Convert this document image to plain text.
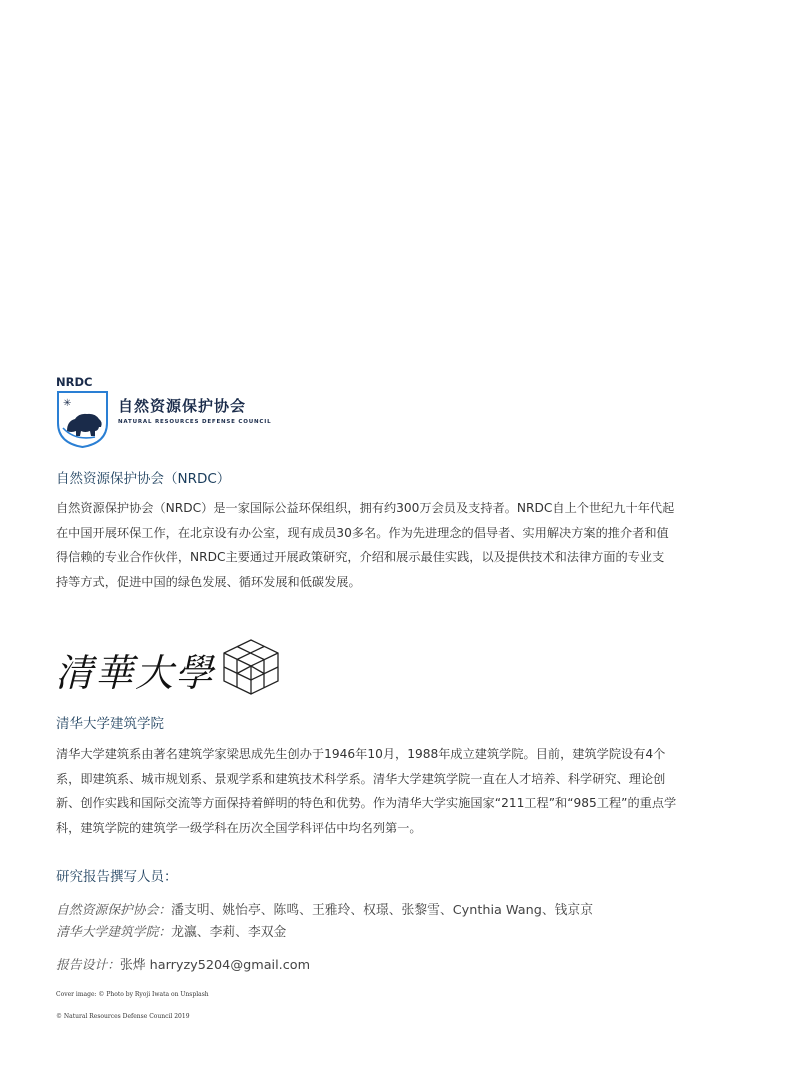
NRDC
✳	自然资源保护协会
NATURAL RESOURCES DEFENSE COUNCIL
自然资源保护协会（NRDC）
自然资源保护协会（NRDC）是一家国际公益环保组织，拥有约300万会员及支持者。NRDC自上个世纪九十年代起
在中国开展环保工作，在北京设有办公室，现有成员30多名。作为先进理念的倡导者、实用解决方案的推介者和值
得信赖的专业合作伙伴，NRDC主要通过开展政策研究，介绍和展示最佳实践，以及提供技术和法律方面的专业支
持等方式，促进中国的绿色发展、循环发展和低碳发展。
清華大學
清华大学建筑学院
清华大学建筑系由著名建筑学家梁思成先生创办于1946年10月，1988年成立建筑学院。目前，建筑学院设有4个
系，即建筑系、城市规划系、景观学系和建筑技术科学系。清华大学建筑学院一直在人才培养、科学研究、理论创
新、创作实践和国际交流等方面保持着鲜明的特色和优势。作为清华大学实施国家“211工程”和“985工程”的重点学
科，建筑学院的建筑学一级学科在历次全国学科评估中均名列第一。
研究报告撰写人员：
自然资源保护协会：潘支明、姚怡亭、陈鸣、王雅玲、权璟、张黎雪、Cynthia Wang、钱京京
清华大学建筑学院：龙瀛、李莉、李双金
报告设计：张烨 harryzy5204@gmail.com
Cover image: © Photo by Ryoji Iwata on Unsplash
© Natural Resources Defense Council 2019
